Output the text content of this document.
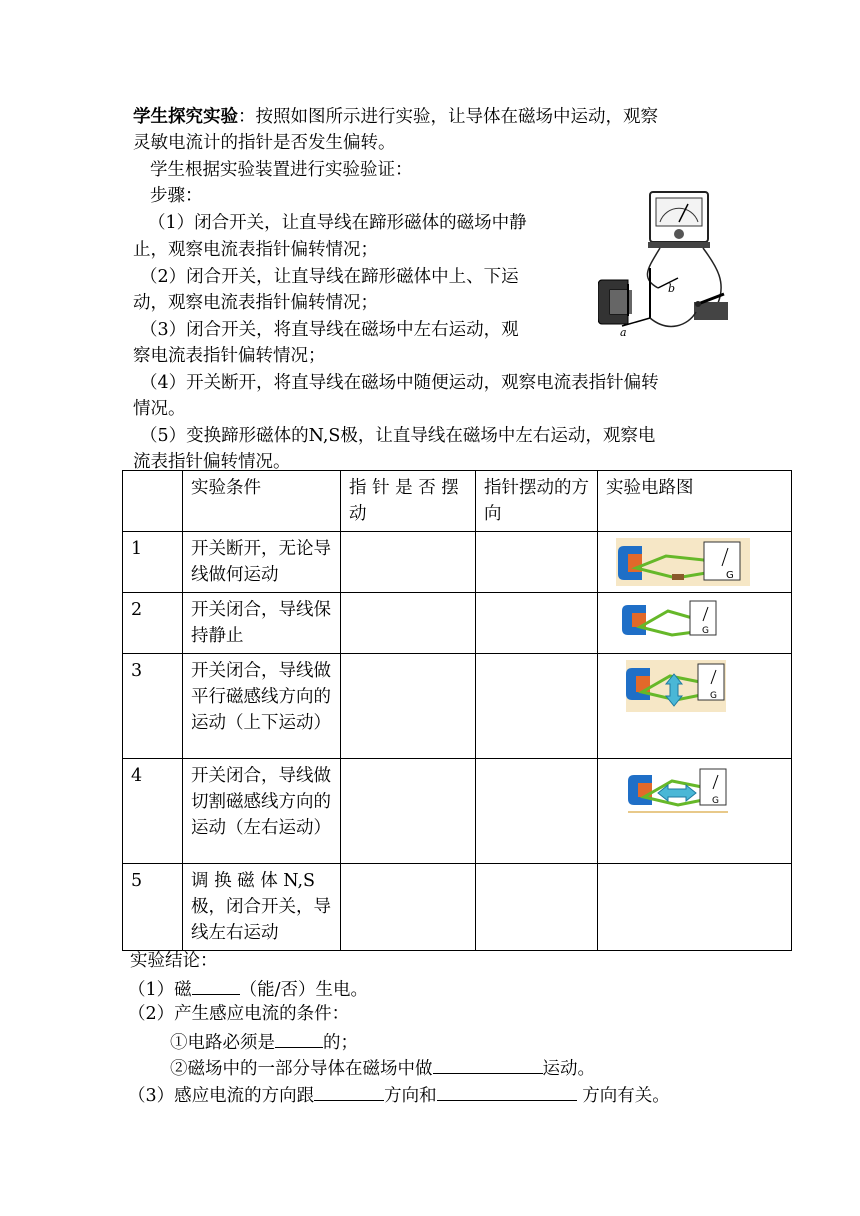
学生探究实验：按照如图所示进行实验，让导体在磁场中运动，观察
灵敏电流计的指针是否发生偏转。
学生根据实验装置进行实验验证：
步骤：
（1）闭合开关，让直导线在蹄形磁体的磁场中静
止，观察电流表指针偏转情况；
（2）闭合开关，让直导线在蹄形磁体中上、下运
动，观察电流表指针偏转情况；
（3）闭合开关，将直导线在磁场中左右运动，观
察电流表指针偏转情况；
（4）开关断开，将直导线在磁场中随便运动，观察电流表指针偏转
情况。
（5）变换蹄形磁体的N,S极，让直导线在磁场中左右运动，观察电
流表指针偏转情况。
a
b
	实验条件	指 针 是 否 摆动	指针摆动的方向	实验电路图
1	开关断开，无论导线做何运动			G

2	开关闭合，导线保持静止			G

3	开关闭合，导线做平行磁感线方向的运动（上下运动）			G

4	开关闭合，导线做切割磁感线方向的运动（左右运动）			G

5	调 换 磁 体 N,S 极，闭合开关，导线左右运动			
实验结论：
（1）磁	（能/否）生电。
（2）产生感应电流的条件：
①电路必须是	的；
②磁场中的一部分导体在磁场中做	运动。
（3）感应电流的方向跟	方向和	方向有关。
